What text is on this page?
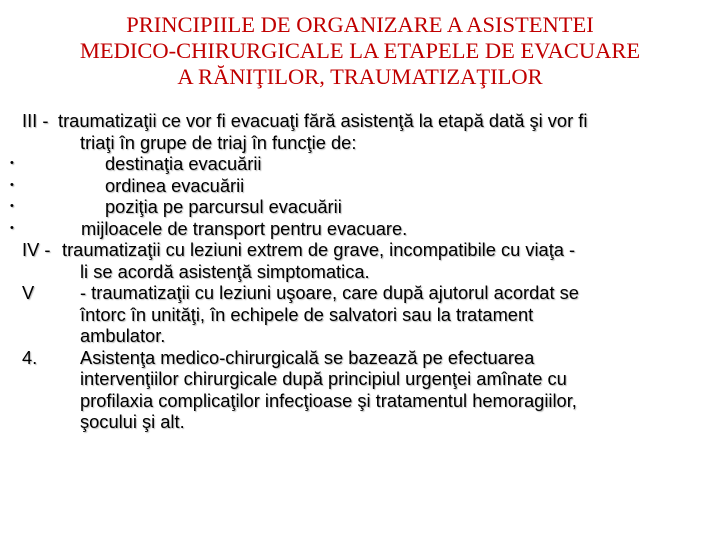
PRINCIPIILE DE ORGANIZARE A ASISTENTEI
MEDICO-CHIRURGICALE LA ETAPELE DE EVACUARE
A RĂNIŢILOR, TRAUMATIZAŢILOR
III - traumatizaţii ce vor fi evacuaţi fără asistenţă la etapă dată şi vor fi
triaţi în grupe de triaj în funcţie de:
•	destinaţia evacuării
•	ordinea evacuării
•	poziţia pe parcursul evacuării
•	mijloacele de transport pentru evacuare.
IV - traumatizaţii cu leziuni extrem de grave, incompatibile cu viaţa -
li se acordă asistenţă simptomatica.
V	- traumatizaţii cu leziuni uşoare, care după ajutorul acordat se
întorc în unităţi, în echipele de salvatori sau la tratament
ambulator.
4. Asistenţa medico-chirurgicală se bazează pe efectuarea
intervenţiilor chirurgicale după principiul urgenţei amînate cu
profilaxia complicaţilor infecţioase şi tratamentul hemoragiilor,
şocului şi alt.
